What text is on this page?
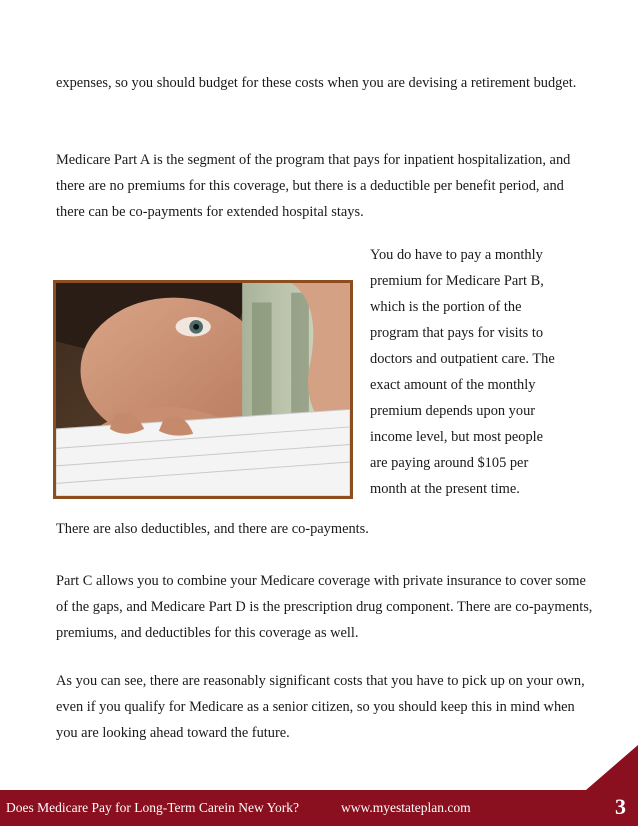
expenses, so you should budget for these costs when you are devising a retirement budget.

Medicare Part A is the segment of the program that pays for inpatient hospitalization, and there are no premiums for this coverage, but there is a deductible per benefit period, and there can be co-payments for extended hospital stays.

You do have to pay a monthly
premium for Medicare Part B,
which is the portion of the
program that pays for visits to
doctors and outpatient care. The
exact amount of the monthly
premium depends upon your
income level, but most people
are paying around $105 per
month at the present time.

There are also deductibles, and there are co-payments.

Part C allows you to combine your Medicare coverage with private insurance to cover some of the gaps, and Medicare Part D is the prescription drug component. There are co-payments, premiums, and deductibles for this coverage as well.

As you can see, there are reasonably significant costs that you have to pick up on your own, even if you qualify for Medicare as a senior citizen, so you should keep this in mind when you are looking ahead toward the future.

Does Medicare Pay for Long-Term Carein New York?	www.myestateplan.com	3
